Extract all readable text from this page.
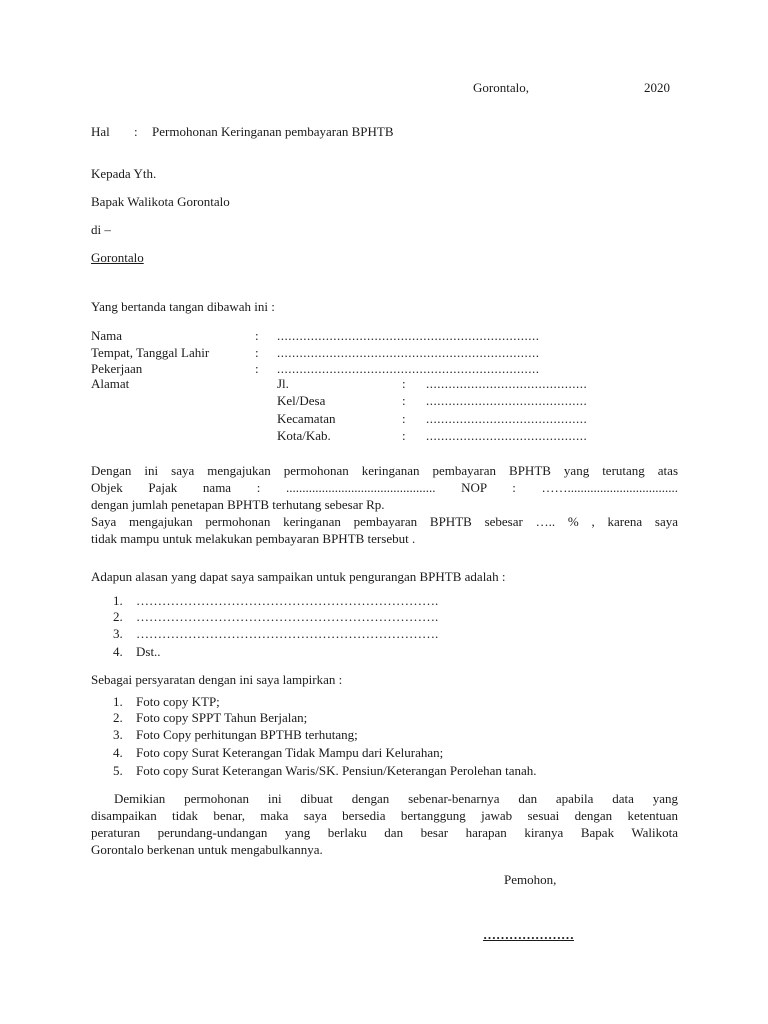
Gorontalo,	2020
Hal : Permohonan Keringanan pembayaran BPHTB
Kepada Yth.
Bapak Walikota Gorontalo
di –
Gorontalo
Yang bertanda tangan dibawah ini :
Nama	: ......................................................................
Tempat, Tanggal Lahir	: ......................................................................
Pekerjaan	: ......................................................................
Alamat	Jl.	: ...........................................
Kel/Desa	: ...........................................
Kecamatan	: ...........................................
Kota/Kab.	: ...........................................

Dengan ini saya mengajukan permohonan keringanan pembayaran BPHTB yang terutang atas

Objek Pajak nama : .............................................. NOP : ……..................................

dengan jumlah penetapan BPHTB terhutang sebesar Rp.

Saya mengajukan permohonan keringanan pembayaran BPHTB sebesar ….. % , karena saya

tidak mampu untuk melakukan pembayaran BPHTB tersebut .

Adapun alasan yang dapat saya sampaikan untuk pengurangan BPHTB adalah :
1. …………………………………………………………….
2. …………………………………………………………….
3. …………………………………………………………….
4. Dst..
Sebagai persyaratan dengan ini saya lampirkan :
1. Foto copy KTP;
2. Foto copy SPPT Tahun Berjalan;
3. Foto Copy perhitungan BPTHB terhutang;
4. Foto copy Surat Keterangan Tidak Mampu dari Kelurahan;
5. Foto copy Surat Keterangan Waris/SK. Pensiun/Keterangan Perolehan tanah.

Demikian permohonan ini dibuat dengan sebenar-benarnya dan apabila data yang

disampaikan tidak benar, maka saya bersedia bertanggung jawab sesuai dengan ketentuan

peraturan perundang-undangan yang berlaku dan besar harapan kiranya Bapak Walikota

Gorontalo berkenan untuk mengabulkannya.

Pemohon,
…………………
